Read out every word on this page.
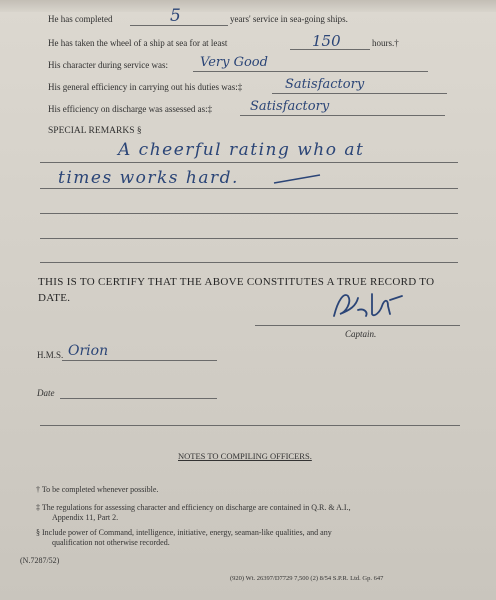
He has completed	5	years' service in sea-going ships.
He has taken the wheel of a ship at sea for at least	150	hours.†
His character during service was: Very Good
His general efficiency in carrying out his duties was:‡	Satisfactory
His efficiency on discharge was assessed as:‡	Satisfactory
SPECIAL REMARKS §
A cheerful rating who at
times works hard.
THIS IS TO CERTIFY THAT THE ABOVE CONSTITUTES A TRUE RECORD TO DATE.
Captain.
H.M.S. Orion
Date
NOTES TO COMPILING OFFICERS.
† To be completed whenever possible.
‡ The regulations for assessing character and efficiency on discharge are contained in Q.R. & A.I.,
Appendix 11, Part 2.
§ Include power of Command, intelligence, initiative, energy, seaman-like qualities, and any
qualification not otherwise recorded.
(N.7287/52)
(920) Wt. 26397/D7729 7,500 (2) 8/54 S.P.R. Ltd. Gp. 647
